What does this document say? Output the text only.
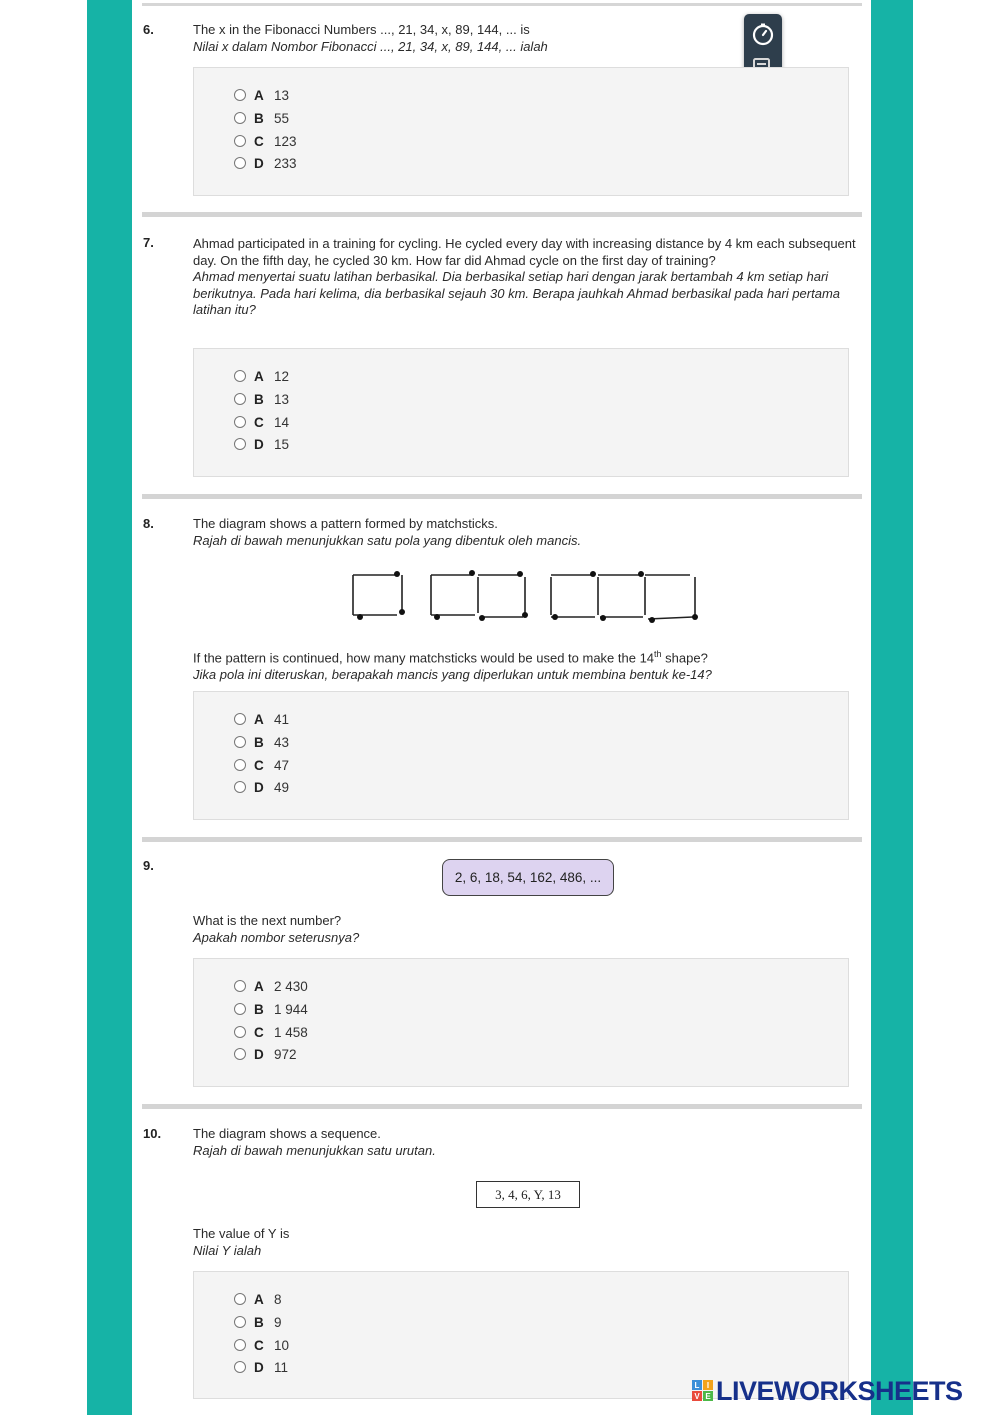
6.	The x in the Fibonacci Numbers ..., 21, 34, x, 89, 144, ... is
Nilai x dalam Nombor Fibonacci ..., 21, 34, x, 89, 144, ... ialah
A 13
B 55
C 123
D 233
7.	Ahmad participated in a training for cycling. He cycled every day with increasing distance by 4 km each subsequent day. On the fifth day, he cycled 30 km. How far did Ahmad cycle on the first day of training?
Ahmad menyertai suatu latihan berbasikal. Dia berbasikal setiap hari dengan jarak bertambah 4 km setiap hari berikutnya. Pada hari kelima, dia berbasikal sejauh 30 km. Berapa jauhkah Ahmad berbasikal pada hari pertama latihan itu?
A 12
B 13
C 14
D 15
8.	The diagram shows a pattern formed by matchsticks.
Rajah di bawah menunjukkan satu pola yang dibentuk oleh mancis.
If the pattern is continued, how many matchsticks would be used to make the 14th shape?
Jika pola ini diteruskan, berapakah mancis yang diperlukan untuk membina bentuk ke-14?
A 41
B 43
C 47
D 49
9.
2, 6, 18, 54, 162, 486, ...
What is the next number?
Apakah nombor seterusnya?
A 2 430
B 1 944
C 1 458
D 972
10. The diagram shows a sequence.
Rajah di bawah menunjukkan satu urutan.
3, 4, 6, Y, 13
The value of Y is
Nilai Y ialah
A 8
B 9
C 10
D 11
L I
V E LIVEWORKSHEETS
